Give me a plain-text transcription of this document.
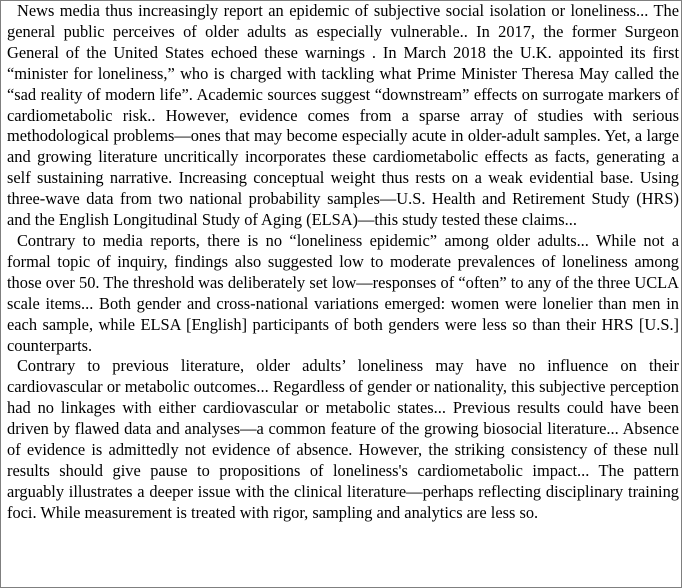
News media thus increasingly report an epidemic of subjective social isolation or loneliness... The general public perceives of older adults as especially vulnerable.. In 2017, the former Surgeon General of the United States echoed these warnings . In March 2018 the U.K. appointed its first “minister for loneliness,” who is charged with tackling what Prime Minister Theresa May called the “sad reality of modern life”. Academic sources suggest “downstream” effects on surrogate markers of cardiometabolic risk.. However, evidence comes from a sparse array of studies with serious methodological problems—ones that may become especially acute in older-adult samples. Yet, a large and growing literature uncritically incorporates these cardiometabolic effects as facts, generating a self sustaining narrative. Increasing conceptual weight thus rests on a weak evidential base. Using three-wave data from two national probability samples—U.S. Health and Retirement Study (HRS) and the English Longitudinal Study of Aging (ELSA)—this study tested these claims...

Contrary to media reports, there is no “loneliness epidemic” among older adults... While not a formal topic of inquiry, findings also suggested low to moderate prevalences of loneliness among those over 50. The threshold was deliberately set low—responses of “often” to any of the three UCLA scale items... Both gender and cross-national variations emerged: women were lonelier than men in each sample, while ELSA [English] participants of both genders were less so than their HRS [U.S.] counterparts.

Contrary to previous literature, older adults’ loneliness may have no influence on their cardiovascular or metabolic outcomes... Regardless of gender or nationality, this subjective perception had no linkages with either cardiovascular or metabolic states... Previous results could have been driven by flawed data and analyses—a common feature of the growing biosocial literature... Absence of evidence is admittedly not evidence of absence. However, the striking consistency of these null results should give pause to propositions of loneliness's cardiometabolic impact... The pattern arguably illustrates a deeper issue with the clinical literature—perhaps reflecting disciplinary training foci. While measurement is treated with rigor, sampling and analytics are less so.
